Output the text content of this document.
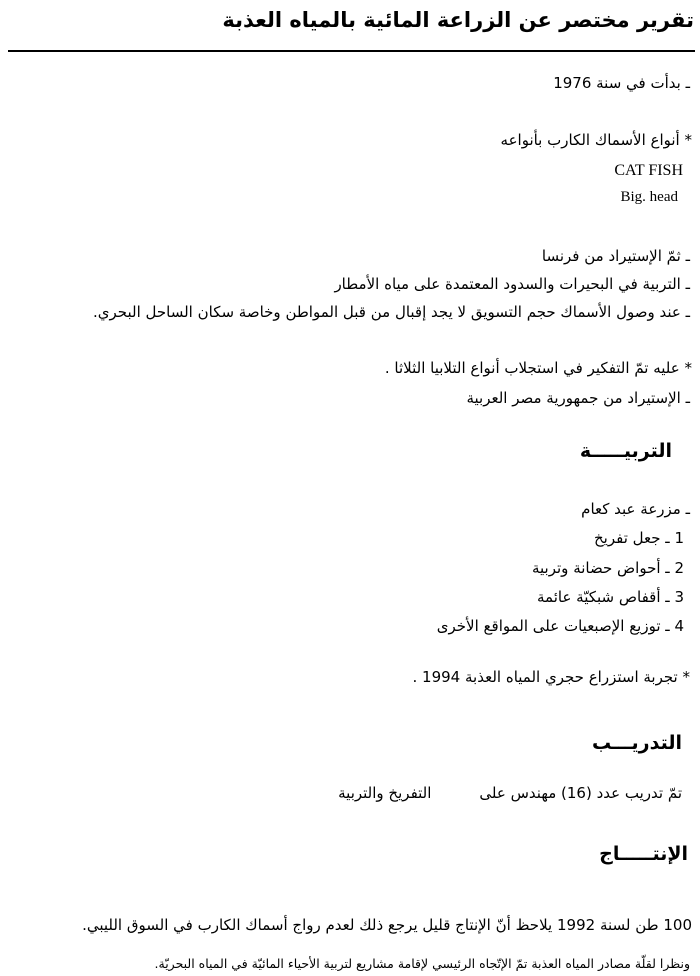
تقرير مختصر عن الزراعة المائية بالمياه العذبة
ـ بدأت في سنة 1976
* أنواع الأسماك الكارب بأنواعه
CAT FISH
Big. head
ـ ثمّ الإستيراد من فرنسا
ـ التربية في البحيرات والسدود المعتمدة على مياه الأمطار
ـ عند وصول الأسماك حجم التسويق لا يجد إقبال من قبل المواطن وخاصة سكان الساحل البحري.
* عليه تمّ التفكير في استجلاب أنواع التلابيا الثلاثا .
ـ الإستيراد من جمهورية مصر العربية
التربيـــــة
ـ مزرعة عبد كعام
1 ـ جعل تفريخ
2 ـ أحواض حضانة وتربية
3 ـ أقفاص شبكيّة عائمة
4 ـ توزيع الإصبعيات على المواقع الأخرى
* تجربة استزراع حجري المياه العذبة 1994 .
التدريـــب
تمّ تدريب عدد (16) مهندس علىالتفريخ والتربية
الإنتـــــاج
100 طن لسنة 1992 يلاحظ أنّ الإنتاج قليل يرجع ذلك لعدم رواج أسماك الكارب في السوق الليبي.
ونظرا لقلّة مصادر المياه العذبة تمّ الإتّجاه الرئيسي لإقامة مشاريع لتربية الأحياء المائيّة في المياه البحريّة.
